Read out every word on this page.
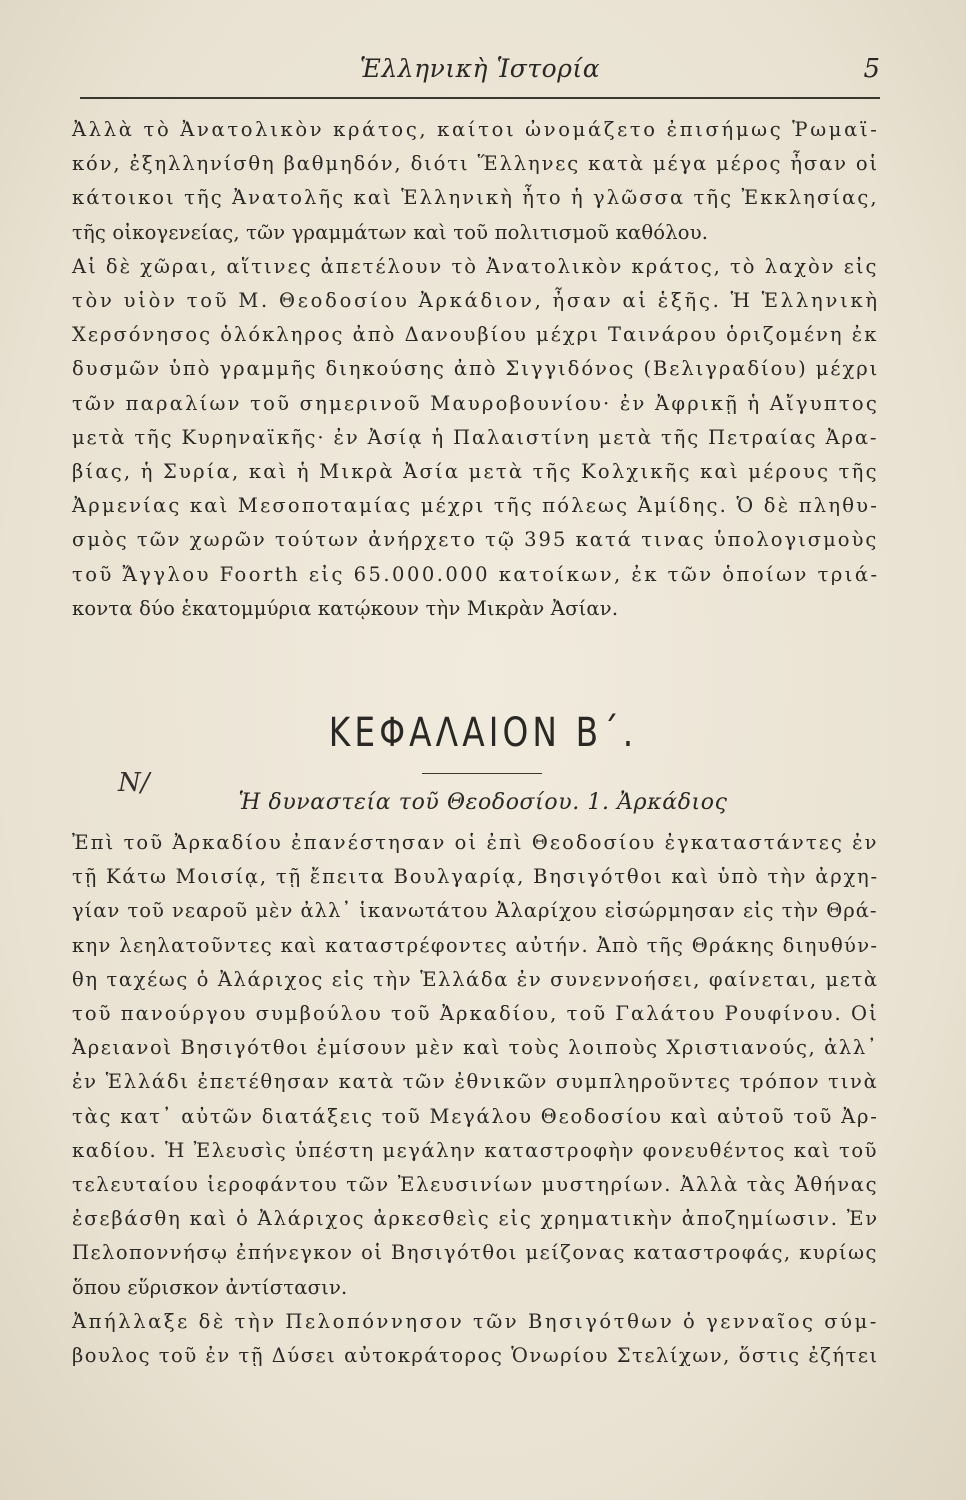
Ἑλληνικὴ Ἱστορία	5

Ἀλλὰ τὸ Ἀνατολικὸν κράτος, καίτοι ὠνομάζετο ἐπισήμως Ῥωμαϊ-
κόν, ἐξηλληνίσθη βαθμηδόν, διότι Ἕλληνες κατὰ μέγα μέρος ἦσαν οἱ
κάτοικοι τῆς Ἀνατολῆς καὶ Ἑλληνικὴ ἦτο ἡ γλῶσσα τῆς Ἐκκλησίας,
τῆς οἰκογενείας, τῶν γραμμάτων καὶ τοῦ πολιτισμοῦ καθόλου.

Αἱ δὲ χῶραι, αἵτινες ἀπετέλουν τὸ Ἀνατολικὸν κράτος, τὸ λαχὸν εἰς
τὸν υἱὸν τοῦ Μ. Θεοδοσίου Ἀρκάδιον, ἦσαν αἱ ἑξῆς. Ἡ Ἑλληνικὴ
Χερσόνησος ὁλόκληρος ἀπὸ Δανουβίου μέχρι Ταινάρου ὁριζομένη ἐκ
δυσμῶν ὑπὸ γραμμῆς διηκούσης ἀπὸ Σιγγιδόνος (Βελιγραδίου) μέχρι
τῶν παραλίων τοῦ σημερινοῦ Μαυροβουνίου· ἐν Ἀφρικῇ ἡ Αἴγυπτος
μετὰ τῆς Κυρηναϊκῆς· ἐν Ἀσίᾳ ἡ Παλαιστίνη μετὰ τῆς Πετραίας Ἀρα-
βίας, ἡ Συρία, καὶ ἡ Μικρὰ Ἀσία μετὰ τῆς Κολχικῆς καὶ μέρους τῆς
Ἀρμενίας καὶ Μεσοποταμίας μέχρι τῆς πόλεως Ἀμίδης. Ὁ δὲ πληθυ-
σμὸς τῶν χωρῶν τούτων ἀνήρχετο τῷ 395 κατά τινας ὑπολογισμοὺς
τοῦ Ἄγγλου Foorth εἰς 65.000.000 κατοίκων, ἐκ τῶν ὁποίων τριά-
κοντα δύο ἑκατομμύρια κατῴκουν τὴν Μικρὰν Ἀσίαν.

ΚΕΦΑΛΑΙΟΝ Β΄.
Ν/
Ἡ δυναστεία τοῦ Θεοδοσίου. 1. Ἀρκάδιος

Ἐπὶ τοῦ Ἀρκαδίου ἐπανέστησαν οἱ ἐπὶ Θεοδοσίου ἐγκαταστάντες ἐν
τῇ Κάτω Μοισίᾳ, τῇ ἔπειτα Βουλγαρίᾳ, Βησιγότθοι καὶ ὑπὸ τὴν ἀρχη-
γίαν τοῦ νεαροῦ μὲν ἀλλ᾿ ἱκανωτάτου Ἀλαρίχου εἰσώρμησαν εἰς τὴν Θρά-
κην λεηλατοῦντες καὶ καταστρέφοντες αὐτήν. Ἀπὸ τῆς Θράκης διηυθύν-
θη ταχέως ὁ Ἀλάριχος εἰς τὴν Ἑλλάδα ἐν συνεννοήσει, φαίνεται, μετὰ
τοῦ πανούργου συμβούλου τοῦ Ἀρκαδίου, τοῦ Γαλάτου Ρουφίνου. Οἱ
Ἀρειανοὶ Βησιγότθοι ἐμίσουν μὲν καὶ τοὺς λοιποὺς Χριστιανούς, ἀλλ᾿
ἐν Ἑλλάδι ἐπετέθησαν κατὰ τῶν ἐθνικῶν συμπληροῦντες τρόπον τινὰ
τὰς κατ᾿ αὐτῶν διατάξεις τοῦ Μεγάλου Θεοδοσίου καὶ αὐτοῦ τοῦ Ἀρ-
καδίου. Ἡ Ἐλευσὶς ὑπέστη μεγάλην καταστροφὴν φονευθέντος καὶ τοῦ
τελευταίου ἱεροφάντου τῶν Ἐλευσινίων μυστηρίων. Ἀλλὰ τὰς Ἀθήνας
ἐσεβάσθη καὶ ὁ Ἀλάριχος ἀρκεσθεὶς εἰς χρηματικὴν ἀποζημίωσιν. Ἐν
Πελοποννήσῳ ἐπήνεγκον οἱ Βησιγότθοι μείζονας καταστροφάς, κυρίως
ὅπου εὕρισκον ἀντίστασιν.

Ἀπήλλαξε δὲ τὴν Πελοπόννησον τῶν Βησιγότθων ὁ γενναῖος σύμ-
βουλος τοῦ ἐν τῇ Δύσει αὐτοκράτορος Ὁνωρίου Στελίχων, ὅστις ἐζήτει
